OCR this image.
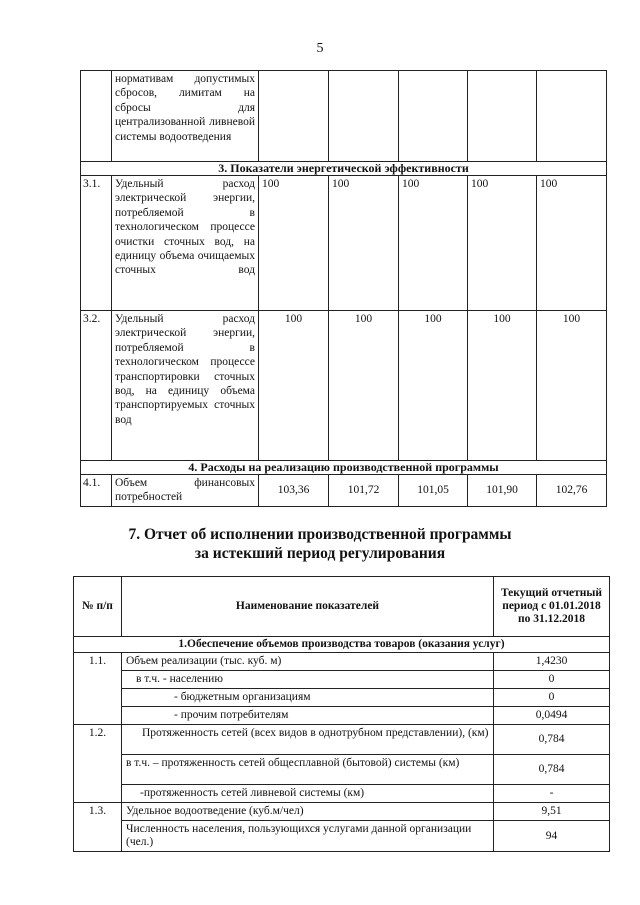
5
	нормативам допустимых сбросов, лимитам на сбросы для централизованной ливневой системы водоотведения					
3. Показатели энергетической эффективности						
3.1.	Удельный расход электрической энергии, потребляемой в технологическом процессе очистки сточных вод, на единицу объема очищаемых сточных вод	100	100	100	100	100
3.2.	Удельный расход электрической энергии, потребляемой в технологическом процессе транспортировки сточных вод, на единицу объема транспортируемых сточных вод	100	100	100	100	100
4. Расходы на реализацию производственной программы						
4.1.	Объем финансовых потребностей	103,36	101,72	101,05	101,90	102,76
7. Отчет об исполнении производственной программы
за истекший период регулирования
№ п/п	Наименование показателей	Текущий отчетный период с 01.01.2018 по 31.12.2018
1.Обеспечение объемов производства товаров (оказания услуг)		
1.1.	Объем реализации (тыс. куб. м)	1,4230
	в т.ч. - населению	0
	- бюджетным организациям	0
	- прочим потребителям	0,0494
1.2.	Протяженность сетей (всех видов в однотрубном представлении), (км)	0,784
	в т.ч. – протяженность сетей общесплавной (бытовой) системы (км)	0,784
	-протяженность сетей ливневой системы (км)	-
1.3.	Удельное водоотведение (куб.м/чел)	9,51
	Численность населения, пользующихся услугами данной организации (чел.)	94
